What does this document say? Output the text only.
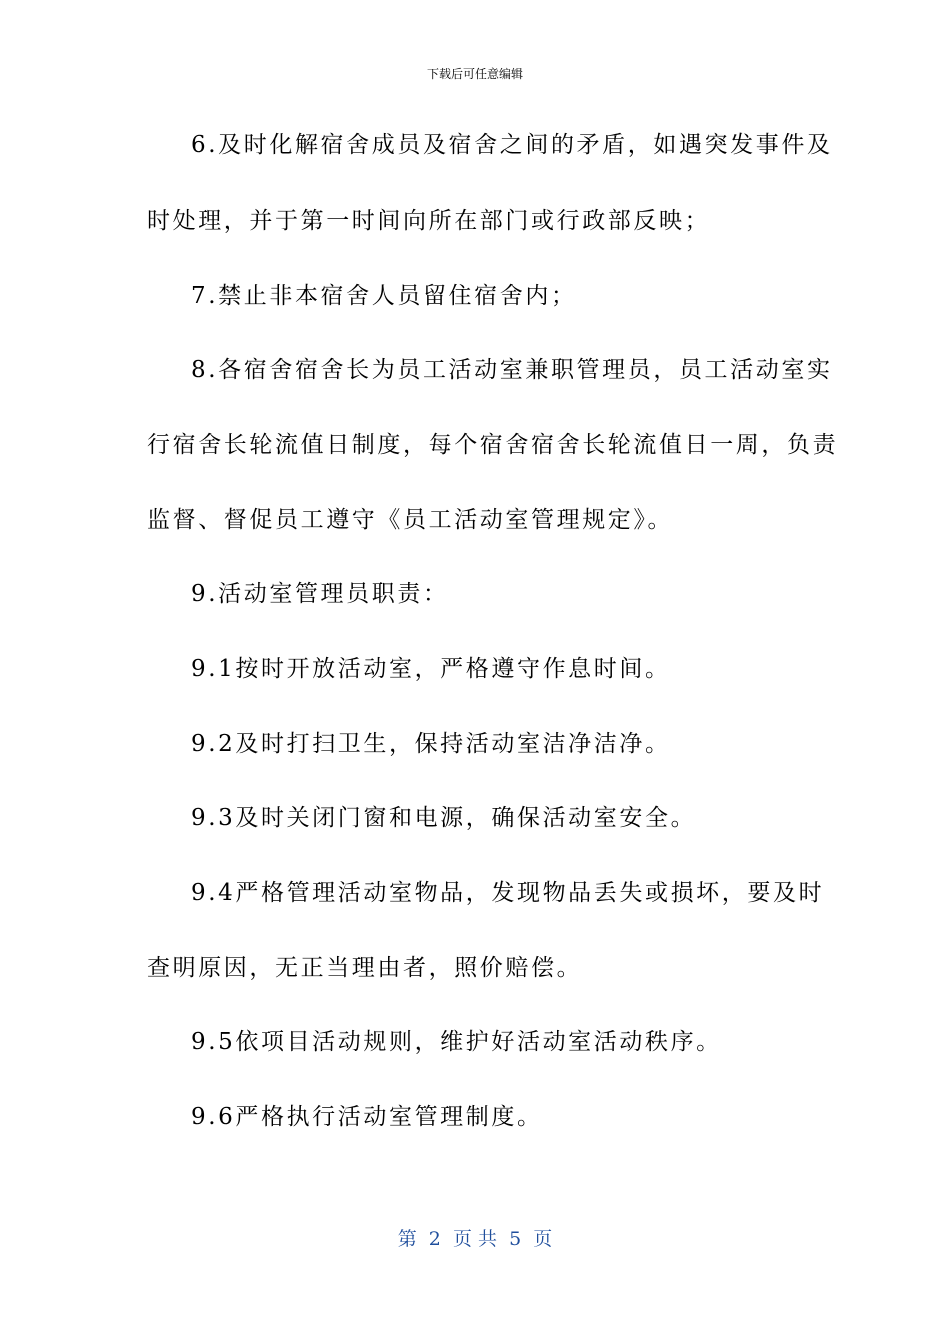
下载后可任意编辑
6.及时化解宿舍成员及宿舍之间的矛盾，如遇突发事件及
时处理，并于第一时间向所在部门或行政部反映；
7.禁止非本宿舍人员留住宿舍内；
8.各宿舍宿舍长为员工活动室兼职管理员，员工活动室实
行宿舍长轮流值日制度，每个宿舍宿舍长轮流值日一周，负责
监督、督促员工遵守《员工活动室管理规定》。
9.活动室管理员职责：
9.1按时开放活动室，严格遵守作息时间。
9.2及时打扫卫生，保持活动室洁净洁净。
9.3及时关闭门窗和电源，确保活动室安全。
9.4严格管理活动室物品，发现物品丢失或损坏，要及时
查明原因，无正当理由者，照价赔偿。
9.5依项目活动规则，维护好活动室活动秩序。
9.6严格执行活动室管理制度。
第  2  页 共  5  页
